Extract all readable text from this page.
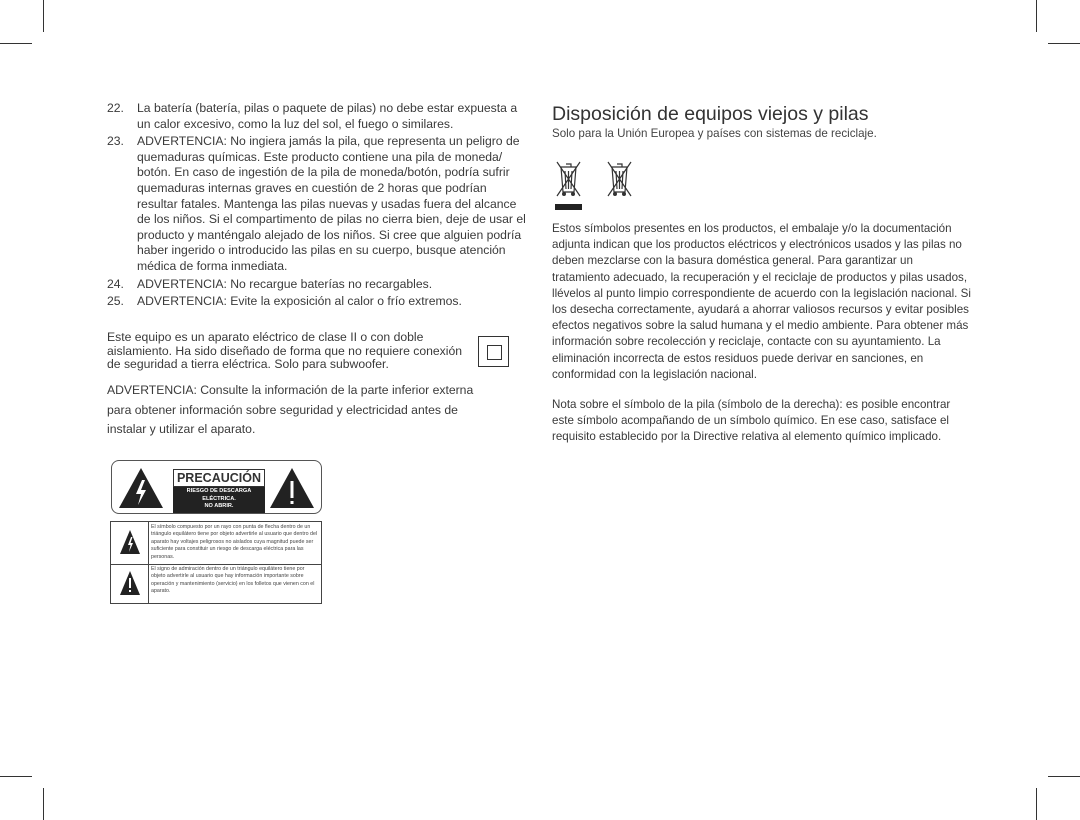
22. La batería (batería, pilas o paquete de pilas) no debe estar expuesta a un calor excesivo, como la luz del sol, el fuego o similares.
23. ADVERTENCIA: No ingiera jamás la pila, que representa un peligro de quemaduras químicas. Este producto contiene una pila de moneda/ botón. En caso de ingestión de la pila de moneda/botón, podría sufrir quemaduras internas graves en cuestión de 2 horas que podrían resultar fatales. Mantenga las pilas nuevas y usadas fuera del alcance de los niños. Si el compartimento de pilas no cierra bien, deje de usar el producto y manténgalo alejado de los niños. Si cree que alguien podría haber ingerido o introducido las pilas en su cuerpo, busque atención médica de forma inmediata.
24. ADVERTENCIA: No recargue baterías no recargables.
25. ADVERTENCIA: Evite la exposición al calor o frío extremos.

Este equipo es un aparato eléctrico de clase II o con doble aislamiento. Ha sido diseñado de forma que no requiere conexión de seguridad a tierra eléctrica. Solo para subwoofer.

ADVERTENCIA: Consulte la información de la parte inferior externa para obtener información sobre seguridad y electricidad antes de instalar y utilizar el aparato.

PRECAUCIÓN
RIESGO DE DESCARGA ELÉCTRICA.
NO ABRIR.

El símbolo compuesto por un rayo con punta de flecha dentro de un triángulo equilátero tiene por objeto advertirle al usuario que dentro del aparato hay voltajes peligrosos no aislados cuya magnitud puede ser suficiente para constituir un riesgo de descarga eléctrica para las personas.

El signo de admiración dentro de un triángulo equilátero tiene por objeto advertirle al usuario que hay información importante sobre operación y mantenimiento (servicio) en los folletos que vienen con el aparato.

Disposición de equipos viejos y pilas

Solo para la Unión Europea y países con sistemas de reciclaje.

Estos símbolos presentes en los productos, el embalaje y/o la documentación adjunta indican que los productos eléctricos y electrónicos usados y las pilas no deben mezclarse con la basura doméstica general. Para garantizar un tratamiento adecuado, la recuperación y el reciclaje de productos y pilas usados, llévelos al punto limpio correspondiente de acuerdo con la legislación nacional. Si los desecha correctamente, ayudará a ahorrar valiosos recursos y evitar posibles efectos negativos sobre la salud humana y el medio ambiente. Para obtener más información sobre recolección y reciclaje, contacte con su ayuntamiento. La eliminación incorrecta de estos residuos puede derivar en sanciones, en conformidad con la legislación nacional.

Nota sobre el símbolo de la pila (símbolo de la derecha): es posible encontrar este símbolo acompañando de un símbolo químico. En ese caso, satisface el requisito establecido por la Directive relativa al elemento químico implicado.
